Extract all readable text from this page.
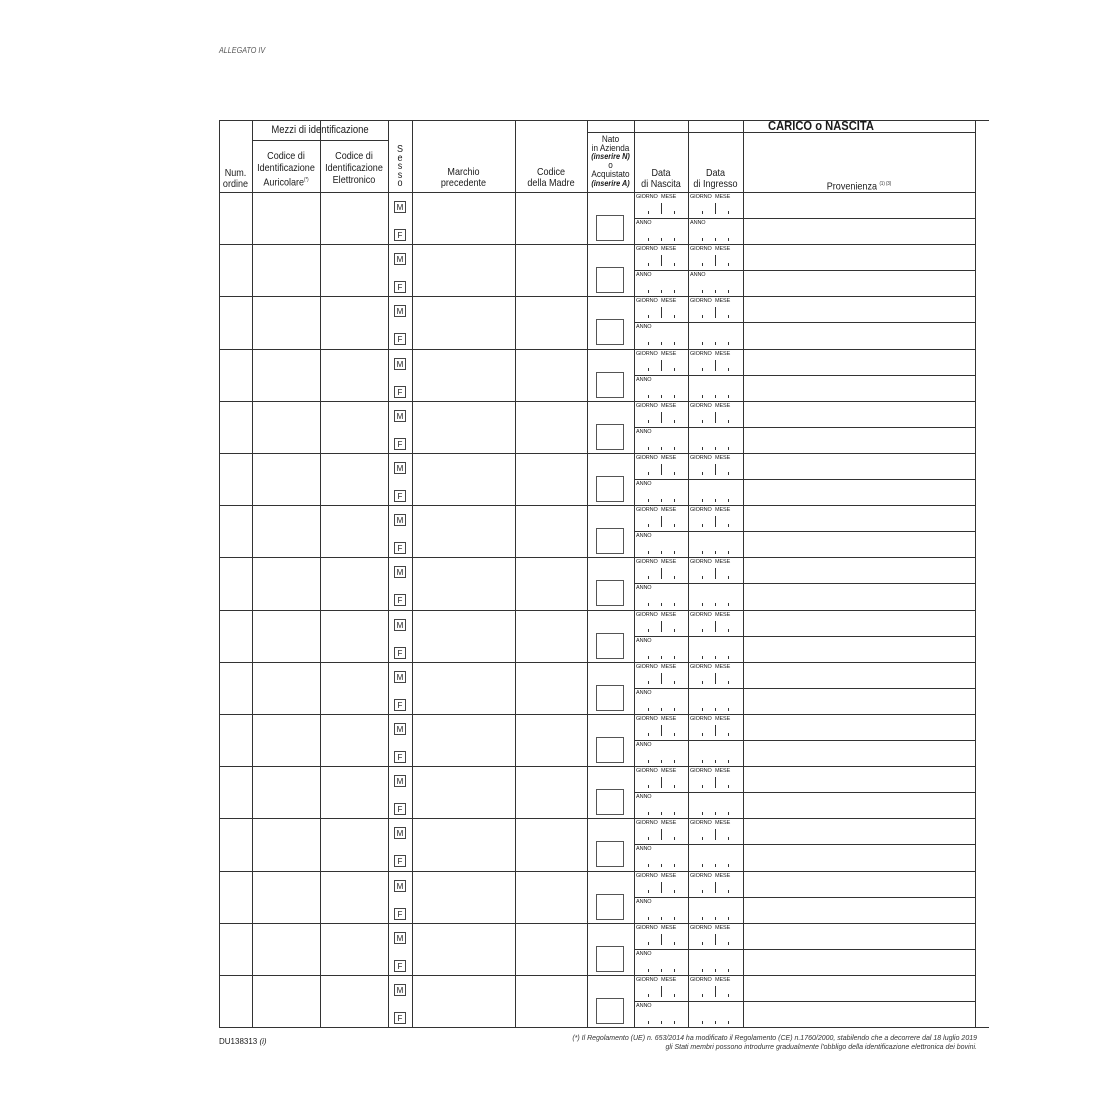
ALLEGATO IV
Mezzi di identificazione
Num.
ordine
Codice di
Identificazione
Auricolare(*)
Codice di
Identificazione
Elettronico
S
e
s
s
o
Marchio
precedente
Codice
della Madre
Nato
in Azienda
(inserire N)
o
Acquistato
(inserire A)
CARICO o NASCITA
Data
di Nascita
Data
di Ingresso	Provenienza $^{(1) (3)}$
M
F
GIORNO MESE
ANNO
GIORNO MESE
ANNO
M
F
GIORNO MESE
ANNO
GIORNO MESE
ANNO
M
F
GIORNO MESE
ANNO
GIORNO MESE
M
F
GIORNO MESE
ANNO
GIORNO MESE
M
F
GIORNO MESE
ANNO
GIORNO MESE
M
F
GIORNO MESE
ANNO
GIORNO MESE
M
F
GIORNO MESE
ANNO
GIORNO MESE
M
F
GIORNO MESE
ANNO
GIORNO MESE
M
F
GIORNO MESE
ANNO
GIORNO MESE
M
F
GIORNO MESE
ANNO
GIORNO MESE
M
F
GIORNO MESE
ANNO
GIORNO MESE
M
F
GIORNO MESE
ANNO
GIORNO MESE
M
F
GIORNO MESE
ANNO
GIORNO MESE
M
F
GIORNO MESE
ANNO
GIORNO MESE
M
F
GIORNO MESE
ANNO
GIORNO MESE
M
F
GIORNO MESE
ANNO
GIORNO MESE
DU138313 (i)	(*) Il Regolamento (UE) n. 653/2014 ha modificato il Regolamento (CE) n.1760/2000, stabilendo che a decorrere dal 18 luglio 2019
gli Stati membri possono introdurre gradualmente l'obbligo della identificazione elettronica dei bovini.
